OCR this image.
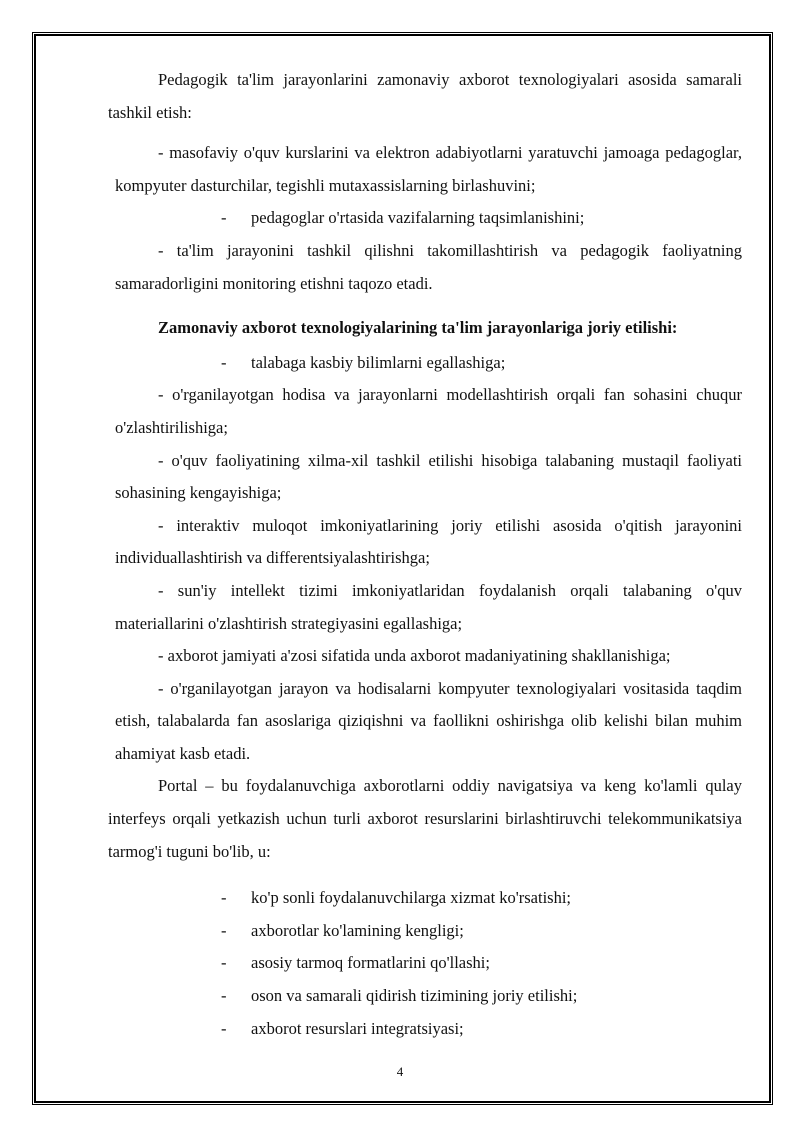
Pedagogik ta'lim jarayonlarini zamonaviy axborot texnologiyalari asosida samarali tashkil etish:

- masofaviy o'quv kurslarini va elektron adabiyotlarni yaratuvchi jamoaga pedagoglar, kompyuter dasturchilar, tegishli mutaxassislarning birlashuvini;

- pedagoglar o'rtasida vazifalarning taqsimlanishini;

- ta'lim jarayonini tashkil qilishni takomillashtirish va pedagogik faoliyatning samaradorligini monitoring etishni taqozo etadi.

Zamonaviy axborot texnologiyalarining ta'lim jarayonlariga joriy etilishi:

- talabaga kasbiy bilimlarni egallashiga;

- o'rganilayotgan hodisa va jarayonlarni modellashtirish orqali fan sohasini chuqur o'zlashtirilishiga;

- o'quv faoliyatining xilma-xil tashkil etilishi hisobiga talabaning mustaqil faoliyati sohasining kengayishiga;

- interaktiv muloqot imkoniyatlarining joriy etilishi asosida o'qitish jarayonini individuallashtirish va differentsiyalashtirishga;

- sun'iy intellekt tizimi imkoniyatlaridan foydalanish orqali talabaning o'quv materiallarini o'zlashtirish strategiyasini egallashiga;

- axborot jamiyati a'zosi sifatida unda axborot madaniyatining shakllanishiga;

- o'rganilayotgan jarayon va hodisalarni kompyuter texnologiyalari vositasida taqdim etish, talabalarda fan asoslariga qiziqishni va faollikni oshirishga olib kelishi bilan muhim ahamiyat kasb etadi.

Portal – bu foydalanuvchiga axborotlarni oddiy navigatsiya va keng ko'lamli qulay interfeys orqali yetkazish uchun turli axborot resurslarini birlashtiruvchi telekommunikatsiya tarmog'i tuguni bo'lib, u:

- ko'p sonli foydalanuvchilarga xizmat ko'rsatishi;

- axborotlar ko'lamining kengligi;

- asosiy tarmoq formatlarini qo'llashi;

- oson va samarali qidirish tizimining joriy etilishi;

- axborot resurslari integratsiyasi;

4
